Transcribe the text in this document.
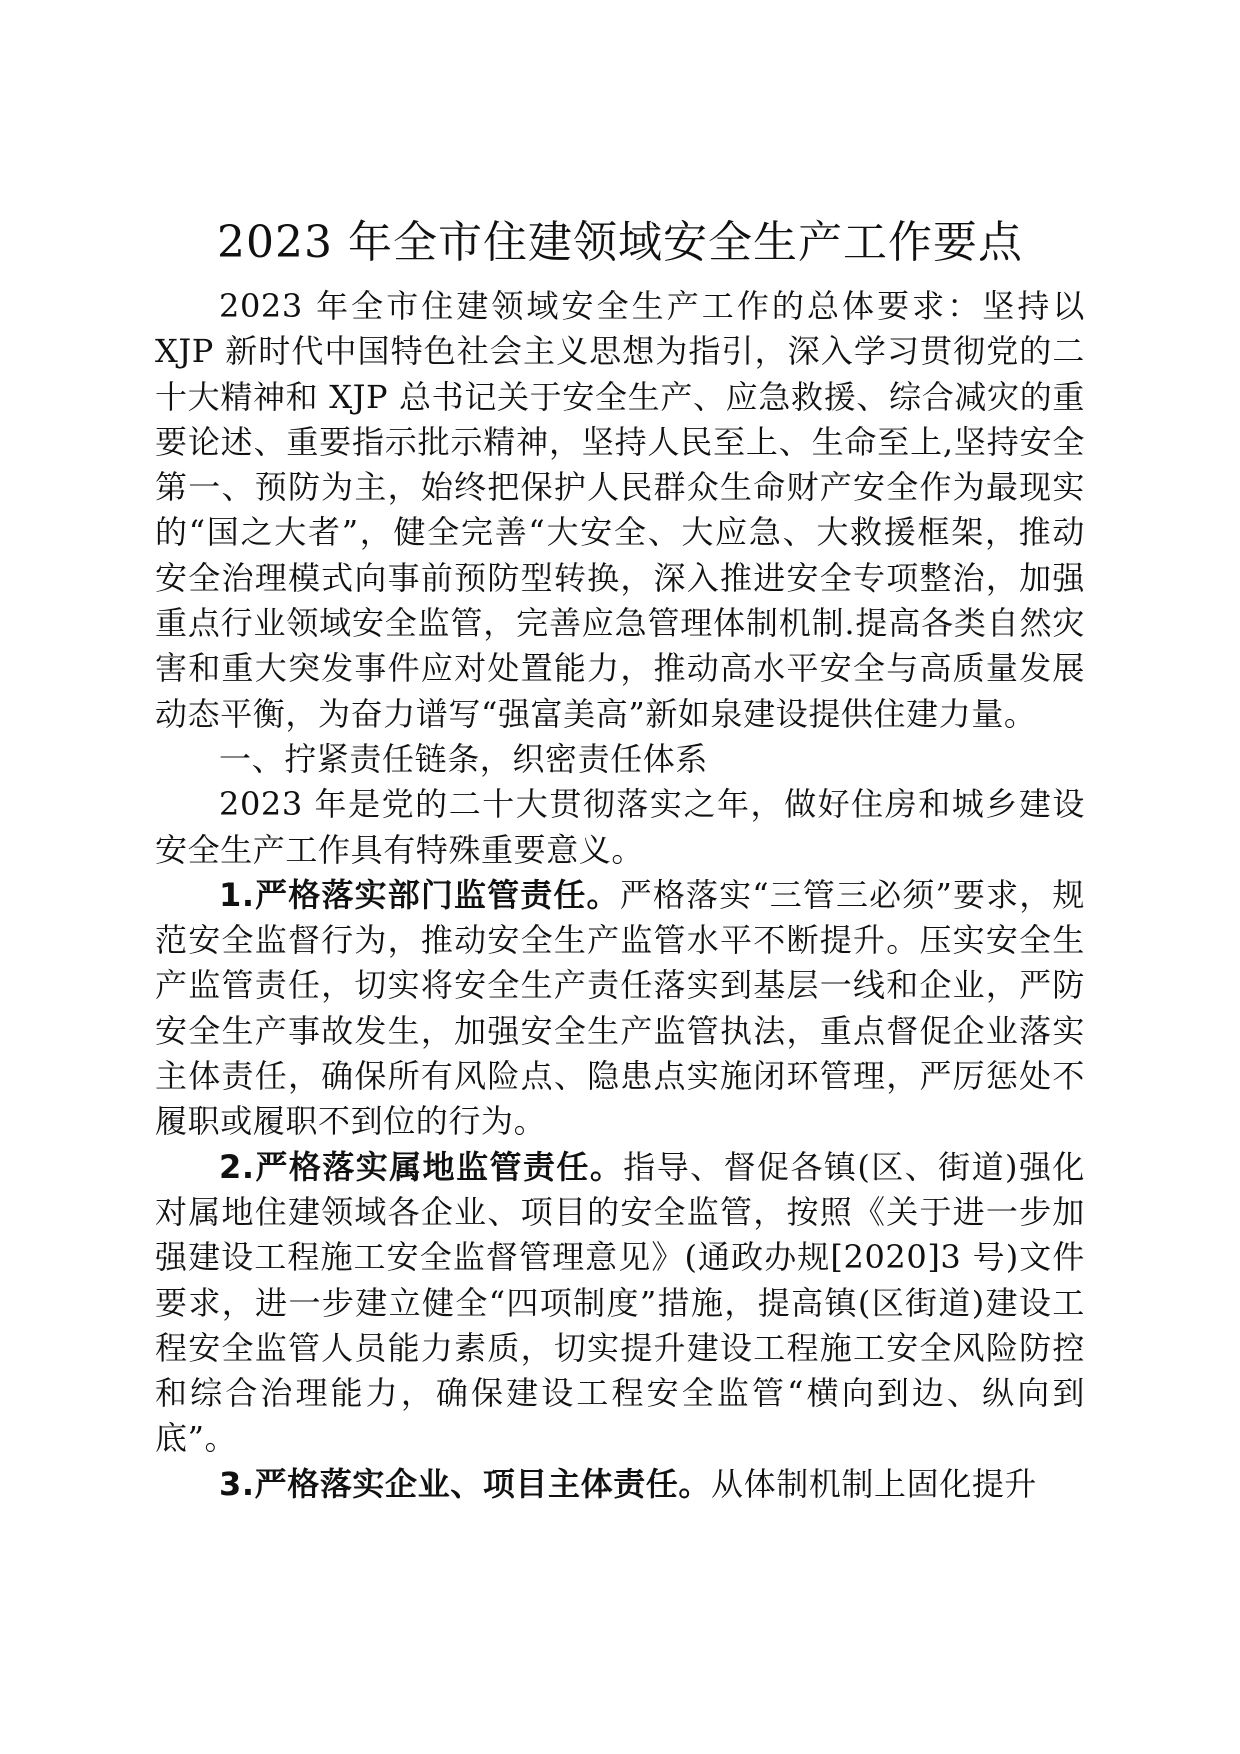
2023 年全市住建领域安全生产工作要点

2023 年全市住建领域安全生产工作的总体要求：坚持以 XJP 新时代中国特色社会主义思想为指引，深入学习贯彻党的二十大精神和 XJP 总书记关于安全生产、应急救援、综合减灾的重要论述、重要指示批示精神，坚持人民至上、生命至上,坚持安全第一、预防为主，始终把保护人民群众生命财产安全作为最现实的“国之大者”，健全完善“大安全、大应急、大救援框架，推动安全治理模式向事前预防型转换，深入推进安全专项整治，加强重点行业领域安全监管，完善应急管理体制机制.提高各类自然灾害和重大突发事件应对处置能力，推动高水平安全与高质量发展动态平衡，为奋力谱写“强富美高”新如泉建设提供住建力量。

一、拧紧责任链条，织密责任体系

2023 年是党的二十大贯彻落实之年，做好住房和城乡建设安全生产工作具有特殊重要意义。

1.严格落实部门监管责任。严格落实“三管三必须”要求，规范安全监督行为，推动安全生产监管水平不断提升。压实安全生产监管责任，切实将安全生产责任落实到基层一线和企业，严防安全生产事故发生，加强安全生产监管执法，重点督促企业落实主体责任，确保所有风险点、隐患点实施闭环管理，严厉惩处不履职或履职不到位的行为。

2.严格落实属地监管责任。指导、督促各镇(区、街道)强化对属地住建领域各企业、项目的安全监管，按照《关于进一步加强建设工程施工安全监督管理意见》(通政办规[2020]3 号)文件要求，进一步建立健全“四项制度”措施，提高镇(区街道)建设工程安全监管人员能力素质，切实提升建设工程施工安全风险防控和综合治理能力，确保建设工程安全监管“横向到边、纵向到底”。

3.严格落实企业、项目主体责任。从体制机制上固化提升
